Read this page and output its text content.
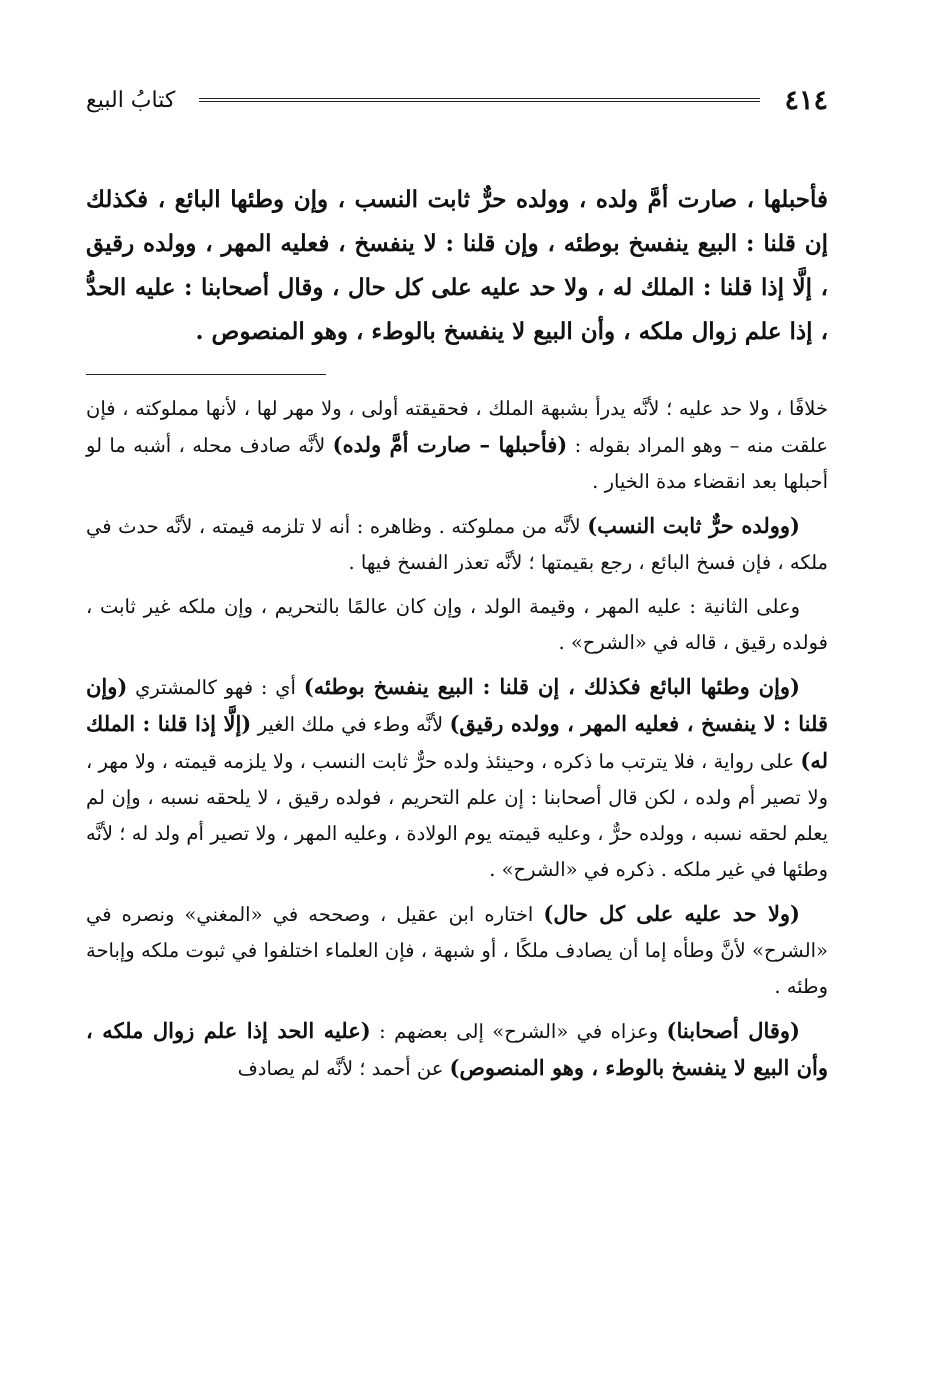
٤١٤
كتابُ البيع
فأحبلها ، صارت أمَّ ولده ، وولده حرٌّ ثابت النسب ، وإن وطئها البائع ، فكذلك إن قلنا : البيع ينفسخ بوطئه ، وإن قلنا : لا ينفسخ ، فعليه المهر ، وولده رقيق ، إلَّا إذا قلنا : الملك له ، ولا حد عليه على كل حال ، وقال أصحابنا : عليه الحدُّ ، إذا علم زوال ملكه ، وأن البيع لا ينفسخ بالوطء ، وهو المنصوص .

خلافًا ، ولا حد عليه ؛ لأنَّه يدرأ بشبهة الملك ، فحقيقته أولى ، ولا مهر لها ، لأنها مملوكته ، فإن علقت منه – وهو المراد بقوله : (فأحبلها – صارت أمَّ ولده) لأنَّه صادف محله ، أشبه ما لو أحبلها بعد انقضاء مدة الخيار .

(وولده حرٌّ ثابت النسب) لأنَّه من مملوكته . وظاهره : أنه لا تلزمه قيمته ، لأنَّه حدث في ملكه ، فإن فسخ البائع ، رجع بقيمتها ؛ لأنَّه تعذر الفسخ فيها .

وعلى الثانية : عليه المهر ، وقيمة الولد ، وإن كان عالمًا بالتحريم ، وإن ملكه غير ثابت ، فولده رقيق ، قاله في «الشرح» .

(وإن وطئها البائع فكذلك ، إن قلنا : البيع ينفسخ بوطئه) أي : فهو كالمشتري (وإن قلنا : لا ينفسخ ، فعليه المهر ، وولده رقيق) لأنَّه وطء في ملك الغير (إلَّا إذا قلنا : الملك له) على رواية ، فلا يترتب ما ذكره ، وحينئذ ولده حرٌّ ثابت النسب ، ولا يلزمه قيمته ، ولا مهر ، ولا تصير أم ولده ، لكن قال أصحابنا : إن علم التحريم ، فولده رقيق ، لا يلحقه نسبه ، وإن لم يعلم لحقه نسبه ، وولده حرٌّ ، وعليه قيمته يوم الولادة ، وعليه المهر ، ولا تصير أم ولد له ؛ لأنَّه وطئها في غير ملكه . ذكره في «الشرح» .

(ولا حد عليه على كل حال) اختاره ابن عقيل ، وصححه في «المغني» ونصره في «الشرح» لأنَّ وطأه إما أن يصادف ملكًا ، أو شبهة ، فإن العلماء اختلفوا في ثبوت ملكه وإباحة وطئه .

(وقال أصحابنا) وعزاه في «الشرح» إلى بعضهم : (عليه الحد إذا علم زوال ملكه ، وأن البيع لا ينفسخ بالوطء ، وهو المنصوص) عن أحمد ؛ لأنَّه لم يصادف
